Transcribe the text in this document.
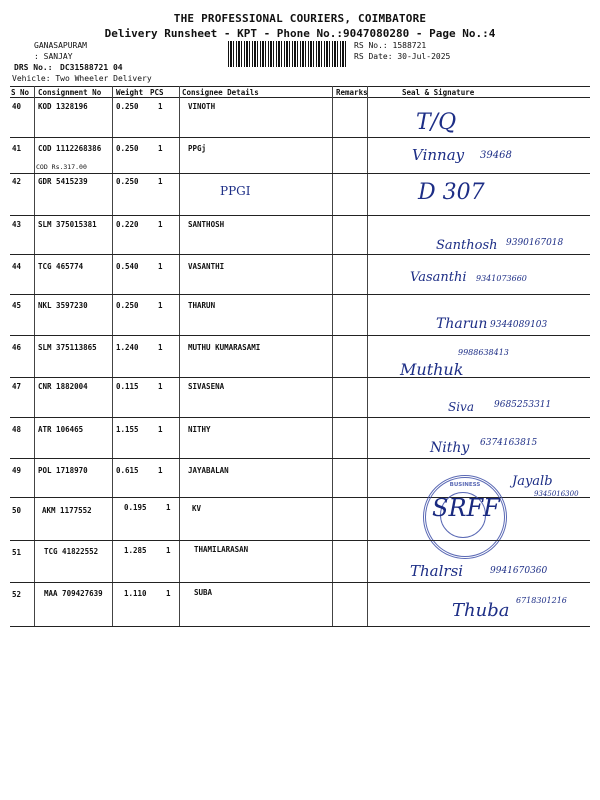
THE PROFESSIONAL COURIERS, COIMBATORE
Delivery Runsheet - KPT - Phone No.:9047080280 - Page No.:4
GANASAPURAM
: SANJAY
DRS No.: DC31588721 04
Vehicle: Two Wheeler Delivery
RS No.: 1588721
RS Date: 30-Jul-2025
S No Consignment No Weight PCS Consignee Details	Remarks	Seal & Signature
40 KOD 1328196	0.250	1	VINOTH
T/Q
41 COD 1112268386 0.250	1	PPGj
COD Rs.317.00
Vinnay 39468
42 GDR 5415239	0.250	1
PPGI	D 307
43 SLM 375015381	0.220	1	SANTHOSH
Santhosh 9390167018
44 TCG 465774	0.540	1	VASANTHI
Vasanthi 9341073660
45 NKL 3597230	0.250	1	THARUN
Tharun 9344089103
46 SLM 375113865	1.240	1	MUTHU KUMARASAMI
Muthuk
9988638413
47 CNR 1882004	0.115	1	SIVASENA
Siva 9685253311
48 ATR 106465	1.155	1	NITHY
Nithy 6374163815
49 POL 1718970	0.615	1	JAYABALAN
Jayalb
9345016300
50	AKM 1177552	0.195	1	KV
BUSINESS
SRFF
51	TCG 41822552	1.285	1	THAMILARASAN
Thalrsi	9941670360
52	MAA 709427639	1.110	1	SUBA
Thuba 6718301216
